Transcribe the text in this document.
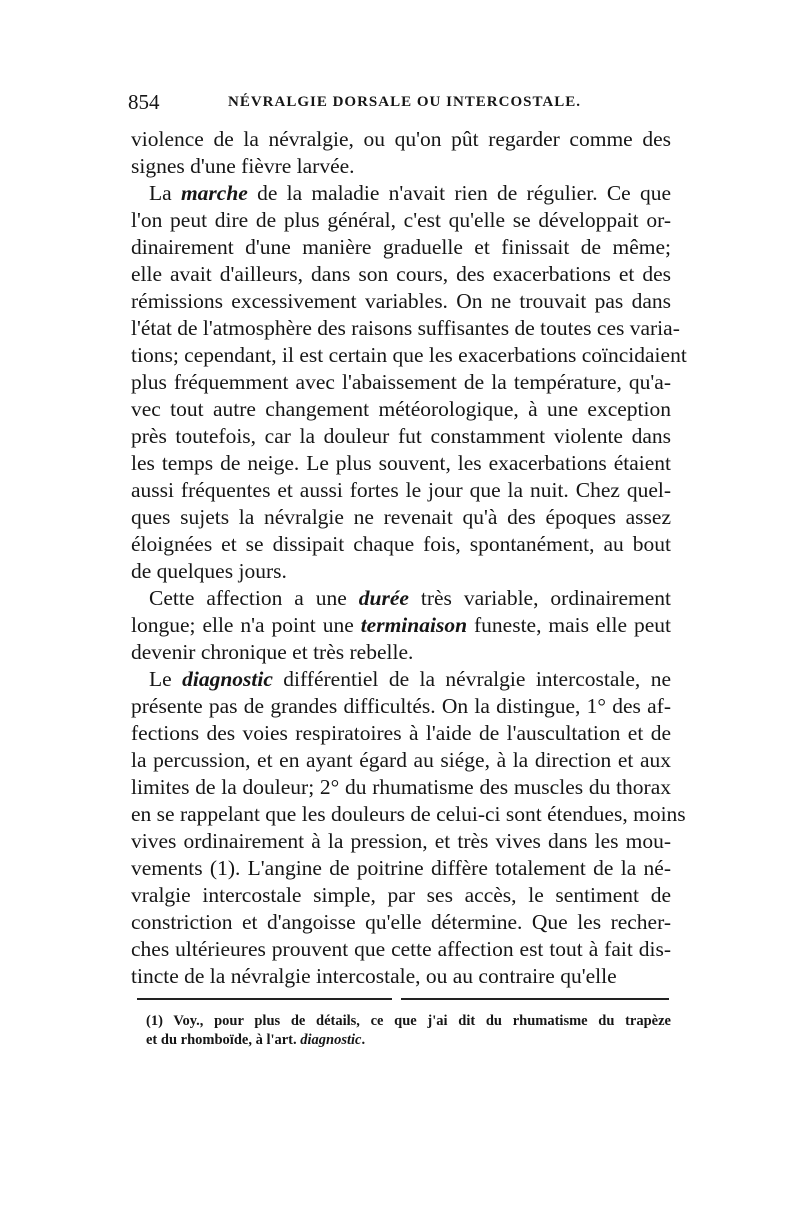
854	NÉVRALGIE DORSALE OU INTERCOSTALE.
violence de la névralgie, ou qu'on pût regarder comme des
signes d'une fièvre larvée.
La marche de la maladie n'avait rien de régulier. Ce que
l'on peut dire de plus général, c'est qu'elle se développait or-
dinairement d'une manière graduelle et finissait de même;
elle avait d'ailleurs, dans son cours, des exacerbations et des
rémissions excessivement variables. On ne trouvait pas dans
l'état de l'atmosphère des raisons suffisantes de toutes ces varia-
tions; cependant, il est certain que les exacerbations coïncidaient
plus fréquemment avec l'abaissement de la température, qu'a-
vec tout autre changement météorologique, à une exception
près toutefois, car la douleur fut constamment violente dans
les temps de neige. Le plus souvent, les exacerbations étaient
aussi fréquentes et aussi fortes le jour que la nuit. Chez quel-
ques sujets la névralgie ne revenait qu'à des époques assez
éloignées et se dissipait chaque fois, spontanément, au bout
de quelques jours.
Cette affection a une durée très variable, ordinairement
longue; elle n'a point une terminaison funeste, mais elle peut
devenir chronique et très rebelle.
Le diagnostic différentiel de la névralgie intercostale, ne
présente pas de grandes difficultés. On la distingue, 1° des af-
fections des voies respiratoires à l'aide de l'auscultation et de
la percussion, et en ayant égard au siége, à la direction et aux
limites de la douleur; 2° du rhumatisme des muscles du thorax
en se rappelant que les douleurs de celui-ci sont étendues, moins
vives ordinairement à la pression, et très vives dans les mou-
vements (1). L'angine de poitrine diffère totalement de la né-
vralgie intercostale simple, par ses accès, le sentiment de
constriction et d'angoisse qu'elle détermine. Que les recher-
ches ultérieures prouvent que cette affection est tout à fait dis-
tincte de la névralgie intercostale, ou au contraire qu'elle
(1) Voy., pour plus de détails, ce que j'ai dit du rhumatisme du trapèze
et du rhomboïde, à l'art. diagnostic.
